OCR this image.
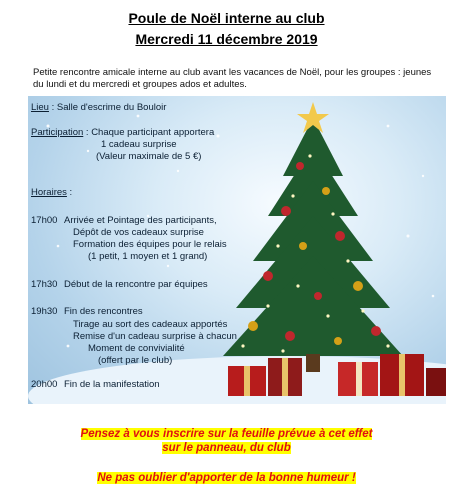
Poule de Noël interne au club
Mercredi 11 décembre 2019
Petite rencontre amicale interne au club avant les vacances de Noël, pour les groupes : jeunes du lundi et du mercredi et groupes ados et adultes.
Lieu : Salle d'escrime du Bouloir
Participation : Chaque participant apportera
1 cadeau surprise
(Valeur maximale de 5 €)
Horaires :
17h00 Arrivée et Pointage des participants,
Dépôt de vos cadeaux surprise
Formation des équipes pour le relais
(1 petit, 1 moyen et 1 grand)
17h30 Début de la rencontre par équipes
19h30 Fin des rencontres
Tirage au sort des cadeaux apportés
Remise d'un cadeau surprise à chacun
Moment de convivialité
(offert par le club)
20h00 Fin de la manifestation
Pensez à vous inscrire sur la feuille prévue à cet effet
sur le panneau, du club
Ne pas oublier d'apporter de la bonne humeur !
